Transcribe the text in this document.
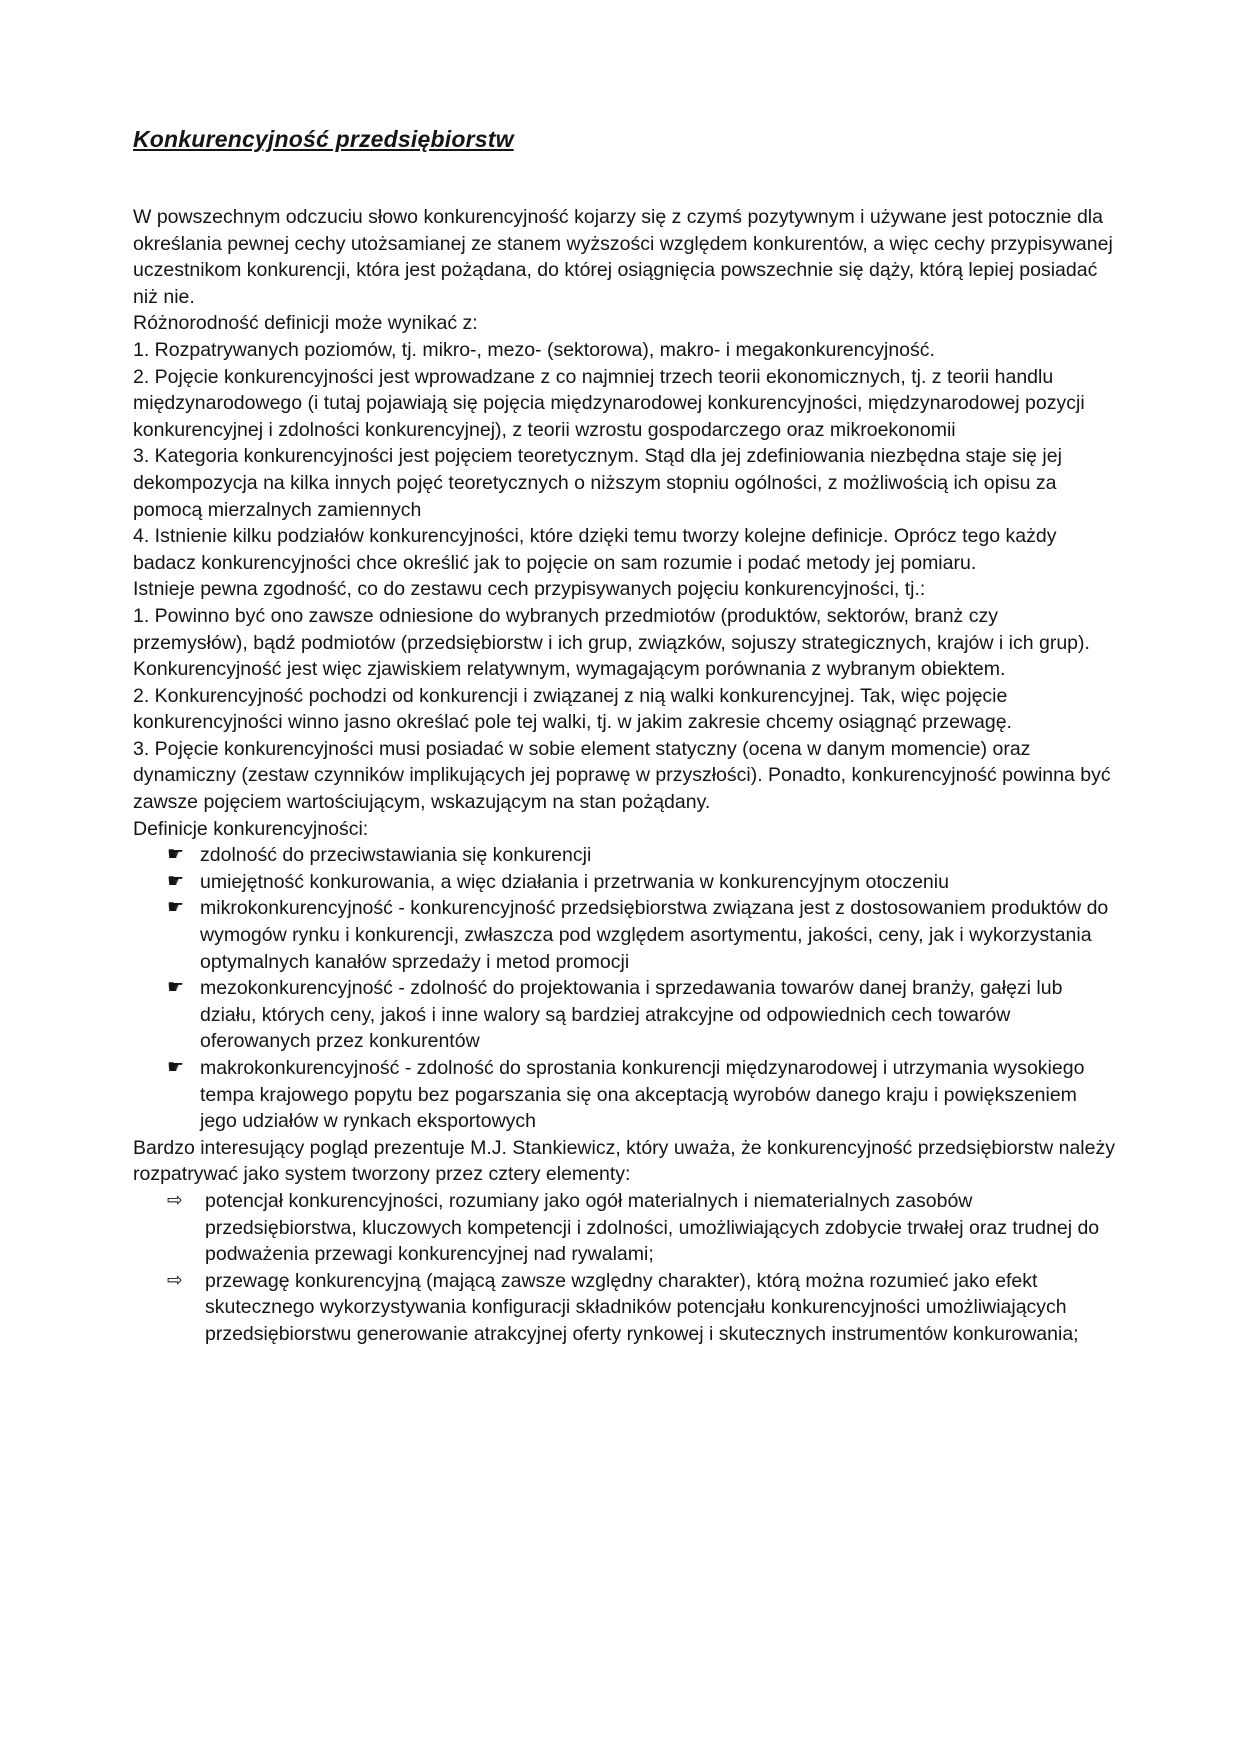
Konkurencyjność przedsiębiorstw

W powszechnym odczuciu słowo konkurencyjność kojarzy się z czymś pozytywnym i używane jest potocznie dla określania pewnej cechy utożsamianej ze stanem wyższości względem konkurentów, a więc cechy przypisywanej uczestnikom konkurencji, która jest pożądana, do której osiągnięcia powszechnie się dąży, którą lepiej posiadać niż nie.

Różnorodność definicji może wynikać z:

1. Rozpatrywanych poziomów, tj. mikro-, mezo- (sektorowa), makro- i megakonkurencyjność.

2. Pojęcie konkurencyjności jest wprowadzane z co najmniej trzech teorii ekonomicznych, tj. z teorii handlu międzynarodowego (i tutaj pojawiają się pojęcia międzynarodowej konkurencyjności, międzynarodowej pozycji konkurencyjnej i zdolności konkurencyjnej), z teorii wzrostu gospodarczego oraz mikroekonomii

3. Kategoria konkurencyjności jest pojęciem teoretycznym. Stąd dla jej zdefiniowania niezbędna staje się jej dekompozycja na kilka innych pojęć teoretycznych o niższym stopniu ogólności, z możliwością ich opisu za pomocą mierzalnych zamiennych

4. Istnienie kilku podziałów konkurencyjności, które dzięki temu tworzy kolejne definicje. Oprócz tego każdy badacz konkurencyjności chce określić jak to pojęcie on sam rozumie i podać metody jej pomiaru.

Istnieje pewna zgodność, co do zestawu cech przypisywanych pojęciu konkurencyjności, tj.:

1. Powinno być ono zawsze odniesione do wybranych przedmiotów (produktów, sektorów, branż czy przemysłów), bądź podmiotów (przedsiębiorstw i ich grup, związków, sojuszy strategicznych, krajów i ich grup). Konkurencyjność jest więc zjawiskiem relatywnym, wymagającym porównania z wybranym obiektem.

2. Konkurencyjność pochodzi od konkurencji i związanej z nią walki konkurencyjnej. Tak, więc pojęcie konkurencyjności winno jasno określać pole tej walki, tj. w jakim zakresie chcemy osiągnąć przewagę.

3. Pojęcie konkurencyjności musi posiadać w sobie element statyczny (ocena w danym momencie) oraz dynamiczny (zestaw czynników implikujących jej poprawę w przyszłości). Ponadto, konkurencyjność powinna być zawsze pojęciem wartościującym, wskazującym na stan pożądany.

Definicje konkurencyjności:

☛ zdolność do przeciwstawiania się konkurencji
☛ umiejętność konkurowania, a więc działania i przetrwania w konkurencyjnym otoczeniu
☛ mikrokonkurencyjność - konkurencyjność przedsiębiorstwa związana jest z dostosowaniem produktów do wymogów rynku i konkurencji, zwłaszcza pod względem asortymentu, jakości, ceny, jak i wykorzystania optymalnych kanałów sprzedaży i metod promocji
☛ mezokonkurencyjność - zdolność do projektowania i sprzedawania towarów danej branży, gałęzi lub działu, których ceny, jakoś i inne walory są bardziej atrakcyjne od odpowiednich cech towarów oferowanych przez konkurentów
☛ makrokonkurencyjność - zdolność do sprostania konkurencji międzynarodowej i utrzymania wysokiego tempa krajowego popytu bez pogarszania się ona akceptacją wyrobów danego kraju i powiększeniem jego udziałów w rynkach eksportowych

Bardzo interesujący pogląd prezentuje M.J. Stankiewicz, który uważa, że konkurencyjność przedsiębiorstw należy rozpatrywać jako system tworzony przez cztery elementy:

⇨	potencjał konkurencyjności, rozumiany jako ogół materialnych i niematerialnych zasobów przedsiębiorstwa, kluczowych kompetencji i zdolności, umożliwiających zdobycie trwałej oraz trudnej do podważenia przewagi konkurencyjnej nad rywalami;
⇨	przewagę konkurencyjną (mającą zawsze względny charakter), którą można rozumieć jako efekt skutecznego wykorzystywania konfiguracji składników potencjału konkurencyjności umożliwiających przedsiębiorstwu generowanie atrakcyjnej oferty rynkowej i skutecznych instrumentów konkurowania;
